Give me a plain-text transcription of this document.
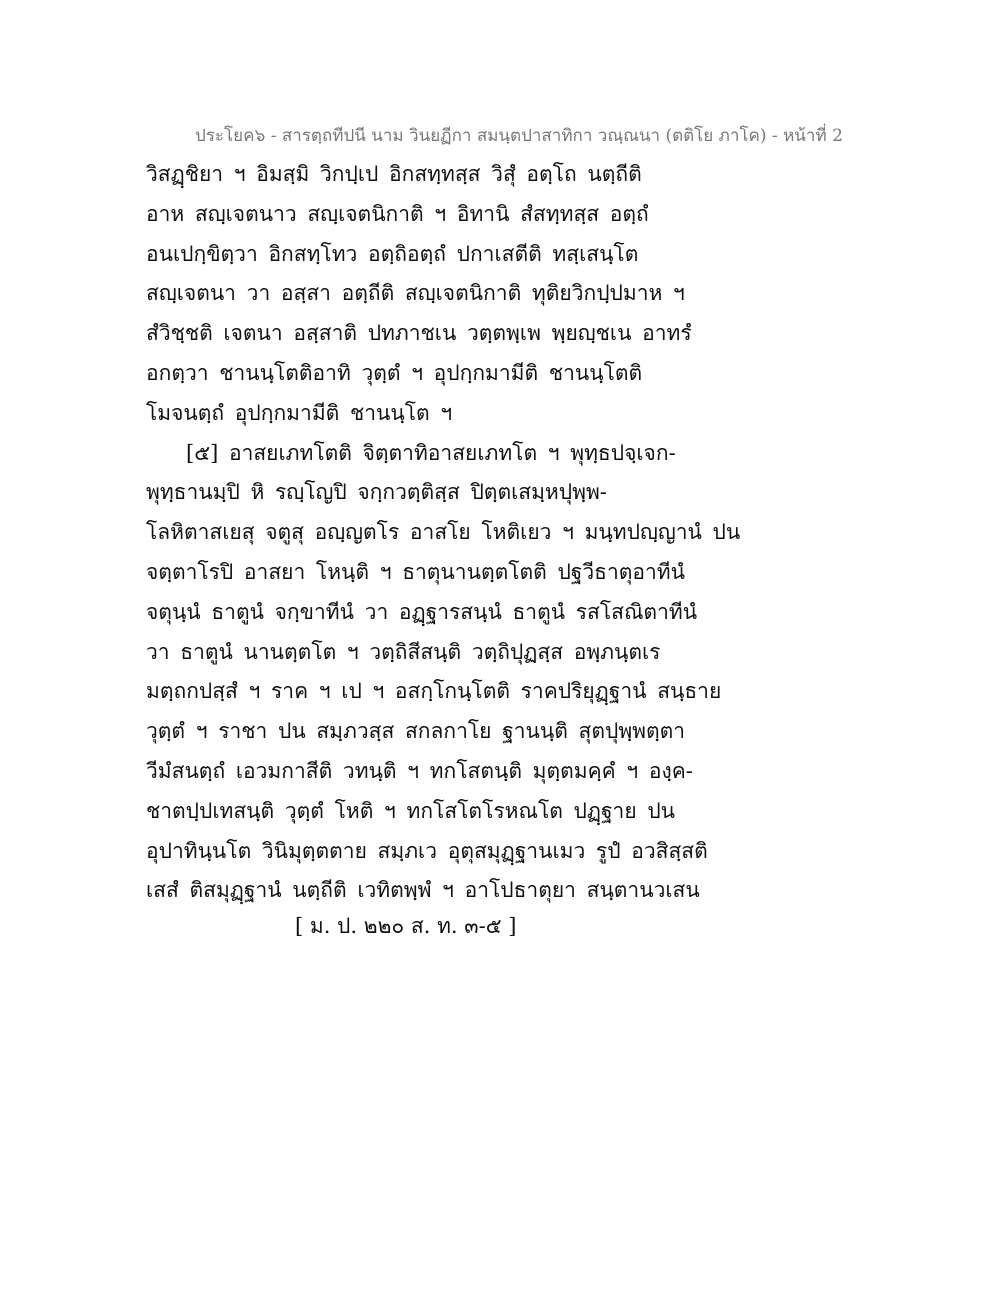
ประโยค๖ - สารตฺถทีปนี นาม วินยฏีกา สมนฺตปาสาทิกา วณฺณนา (ตติโย ภาโค) - หน้าที่ 2
วิสฏฺชิยา ฯ อิมสฺมิ วิกปฺเป อิกสทฺทสฺส วิสุํ อตฺโถ นตฺถีติ
อาห สญฺเจตนาว สญฺเจตนิกาติ ฯ อิทานิ สํสทฺทสฺส อตฺถํ
อนเปกฺขิตฺวา อิกสทฺโทว อตฺถิอตฺถํ ปกาเสตีติ ทสฺเสนฺโต
สญฺเจตนา วา อสฺสา อตฺถีติ สญฺเจตนิกาติ ทุติยวิกปฺปมาห ฯ
สํวิชฺชติ เจตนา อสฺสาติ ปทภาชเน วตฺตพฺเพ พฺยญฺชเน อาทรํ
อกตฺวา ชานนฺโตติอาทิ วุตฺตํ ฯ อุปกฺกมามีติ ชานนฺโตติ
โมจนตฺถํ อุปกฺกมามีติ ชานนฺโต ฯ
[๕] อาสยเภทโตติ จิตฺตาทิอาสยเภทโต ฯ พุทฺธปจฺเจก-
พุทฺธานมฺปิ หิ รญฺโญปิ จกฺกวตฺติสฺส ปิตฺตเสมฺหปุพฺพ-
โลหิตาสเยสุ จตูสุ อญฺญตโร อาสโย โหติเยว ฯ มนฺทปญฺญานํ ปน
จตฺตาโรปิ อาสยา โหนฺติ ฯ ธาตุนานตฺตโตติ ปฐวีธาตุอาทีนํ
จตุนฺนํ ธาตูนํ จกฺขาทีนํ วา อฏฺฐารสนฺนํ ธาตูนํ รสโสณิตาทีนํ
วา ธาตูนํ นานตฺตโต ฯ วตฺถิสีสนฺติ วตฺถิปุฏสฺส อพฺภนฺตเร
มตฺถกปสฺสํ ฯ ราค ฯ เป ฯ อสกฺโกนฺโตติ ราคปริยุฏฺฐานํ สนฺธาย
วุตฺตํ ฯ ราชา ปน สมฺภวสฺส สกลกาโย ฐานนฺติ สุตปุพฺพตฺตา
วีมํสนตฺถํ เอวมกาสีติ วทนฺติ ฯ ทกโสตนฺติ มุตฺตมคฺคํ ฯ องฺค-
ชาตปฺปเทสนฺติ วุตฺตํ โหติ ฯ ทกโสโตโรหณโต ปฏฺฐาย ปน
อุปาทินฺนโต วินิมุตฺตตาย สมฺภเว อุตุสมุฏฺฐานเมว รูปํ อวสิสฺสติ
เสสํ ติสมุฏฺฐานํ นตฺถีติ เวทิตพฺพํ ฯ อาโปธาตุยา สนฺตานวเสน
[ ม. ป. ๒๒๐ ส. ท. ๓-๕ ]
